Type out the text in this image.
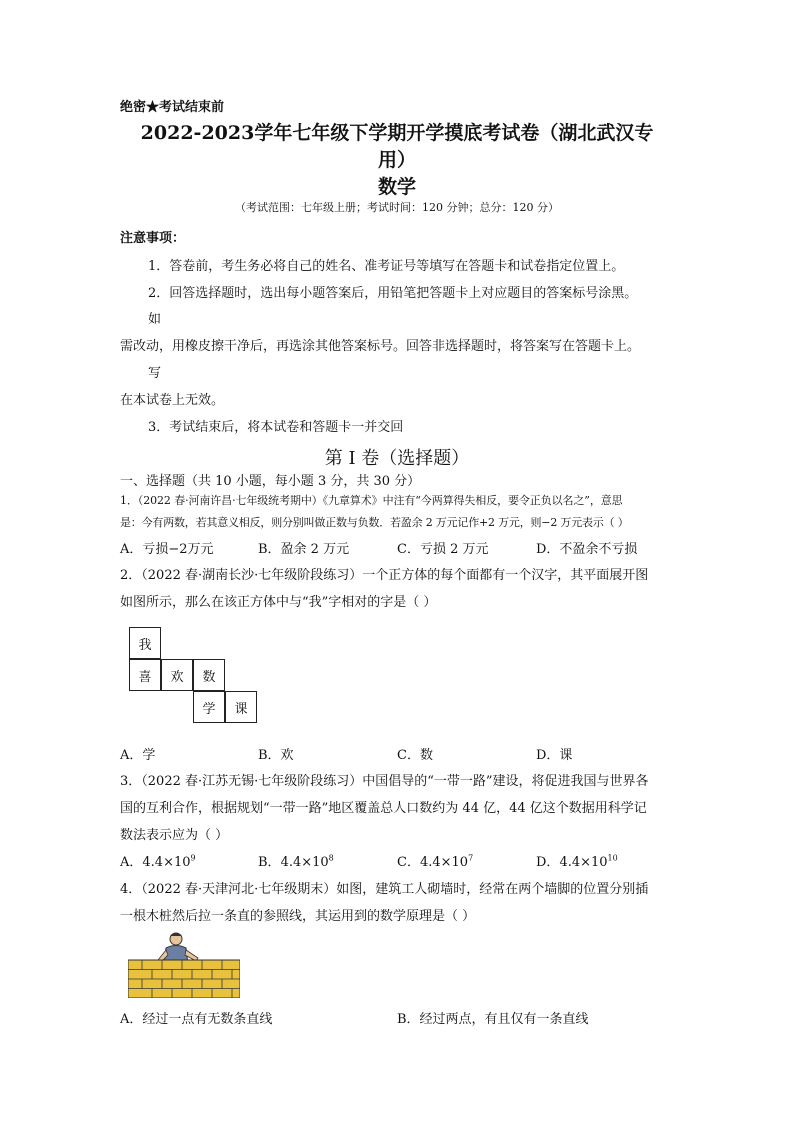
绝密★考试结束前
2022-2023学年七年级下学期开学摸底考试卷（湖北武汉专
用）
数学
（考试范围：七年级上册；考试时间：120 分钟；总分：120 分）
注意事项：
1．答卷前，考生务必将自己的姓名、准考证号等填写在答题卡和试卷指定位置上。
2．回答选择题时，选出每小题答案后，用铅笔把答题卡上对应题目的答案标号涂黑。
如
需改动，用橡皮擦干净后，再选涂其他答案标号。回答非选择题时，将答案写在答题卡上。
写
在本试卷上无效。
3．考试结束后，将本试卷和答题卡一并交回
第 I 卷（选择题）
一、选择题（共 10 小题，每小题 3 分，共 30 分）
1．（2022 春·河南许昌·七年级统考期中）《九章算术》中注有“今两算得失相反，要令正负以名之”，意思
是：今有两数，若其意义相反，则分别叫做正数与负数．若盈余 2 万元记作+2 万元，则−2 万元表示（ ）
A．亏损−2万元	B．盈余 2 万元	C．亏损 2 万元	D．不盈余不亏损
2．（2022 春·湖南长沙·七年级阶段练习）一个正方体的每个面都有一个汉字，其平面展开图
如图所示，那么在该正方体中与“我”字相对的字是（ ）
我
喜	欢	数
学	课
A．学	B．欢	C．数	D．课
3．（2022 春·江苏无锡·七年级阶段练习）中国倡导的“一带一路”建设，将促进我国与世界各
国的互利合作，根据规划“一带一路”地区覆盖总人口数约为 44 亿，44 亿这个数据用科学记
数法表示应为（ ）
A．$4.4\times 10^9$	B．$4.4\times 10^8$	C．$4.4\times 10^7$	D．$4.4\times 10^{10}$
4．（2022 春·天津河北·七年级期末）如图，建筑工人砌墙时，经常在两个墙脚的位置分别插
一根木桩然后拉一条直的参照线，其运用到的数学原理是（ ）
A．经过一点有无数条直线	B．经过两点，有且仅有一条直线
